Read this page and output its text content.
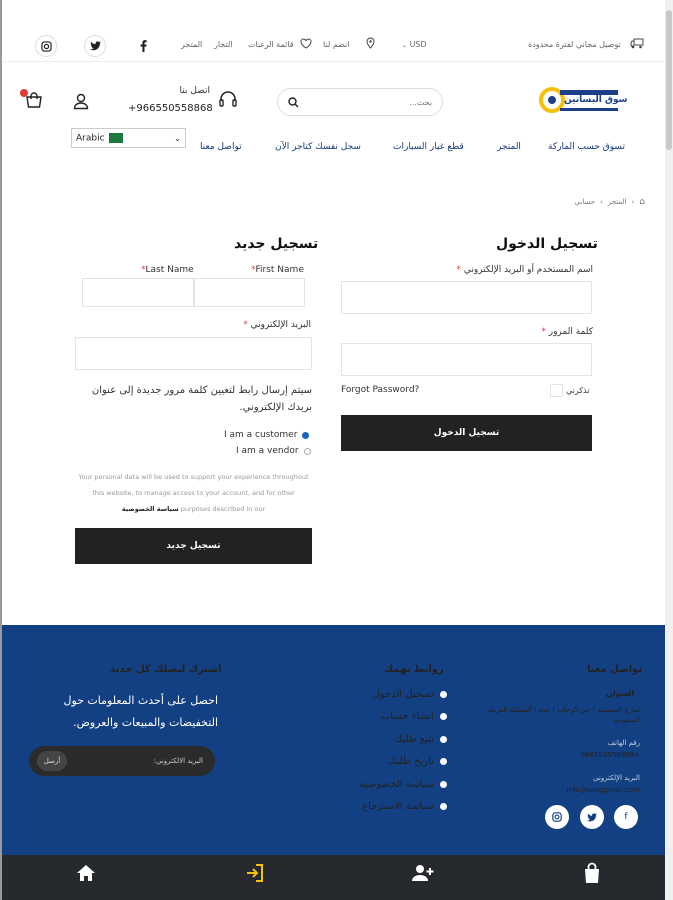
المتجر التجار قائمة الرغبات	انضم لنا	⌄ USD	توصيل مجاني لفترة محدودة
سوق البساتين
بحث...
اتصل بنا
+966550558868
Arabic	⌄
تسوق حسب الماركة
المتجر
قطع غيار السيارات
سجل نفسك كتاجر الآن
تواصل معنا
حسابي ‹ المتجر ‹ ⌂
تسجيل الدخول
اسم المستخدم أو البريد الإلكتروني *
كلمة المرور *
تذكرني
Forgot Password?
تسجيل الدخول
تسجيل جديد
*First Name
*Last Name
البريد الإلكتروني *
سيتم إرسال رابط لتعيين كلمة مرور جديدة إلى عنوان بريدك الإلكتروني.
I am a customer
I am a vendor
Your personal data will be used to support your experience throughout
this website, to manage access to your account, and for other
سياسة الخصوصية purposes described in our
تسجيل جديد
تواصل معنا
العنوان
شارع الحسينية | حي الرحاب | جدة | المملكة العربية السعودية
رقم الهاتف
+966550558868
البريد الإلكتروني
info@souqgmail.com
f
روابط تهمك
تسجيل الدخول
انشاء حساب
تتبع طلبك
تاريخ طلبك
سياسة الخصوصية
سياسة الاسترجاع
اشترك ليصلك كل جديد
احصل على أحدث المعلومات حول التخفيضات والمبيعات والعروض.
أرسل	البريد الالكتروني:
